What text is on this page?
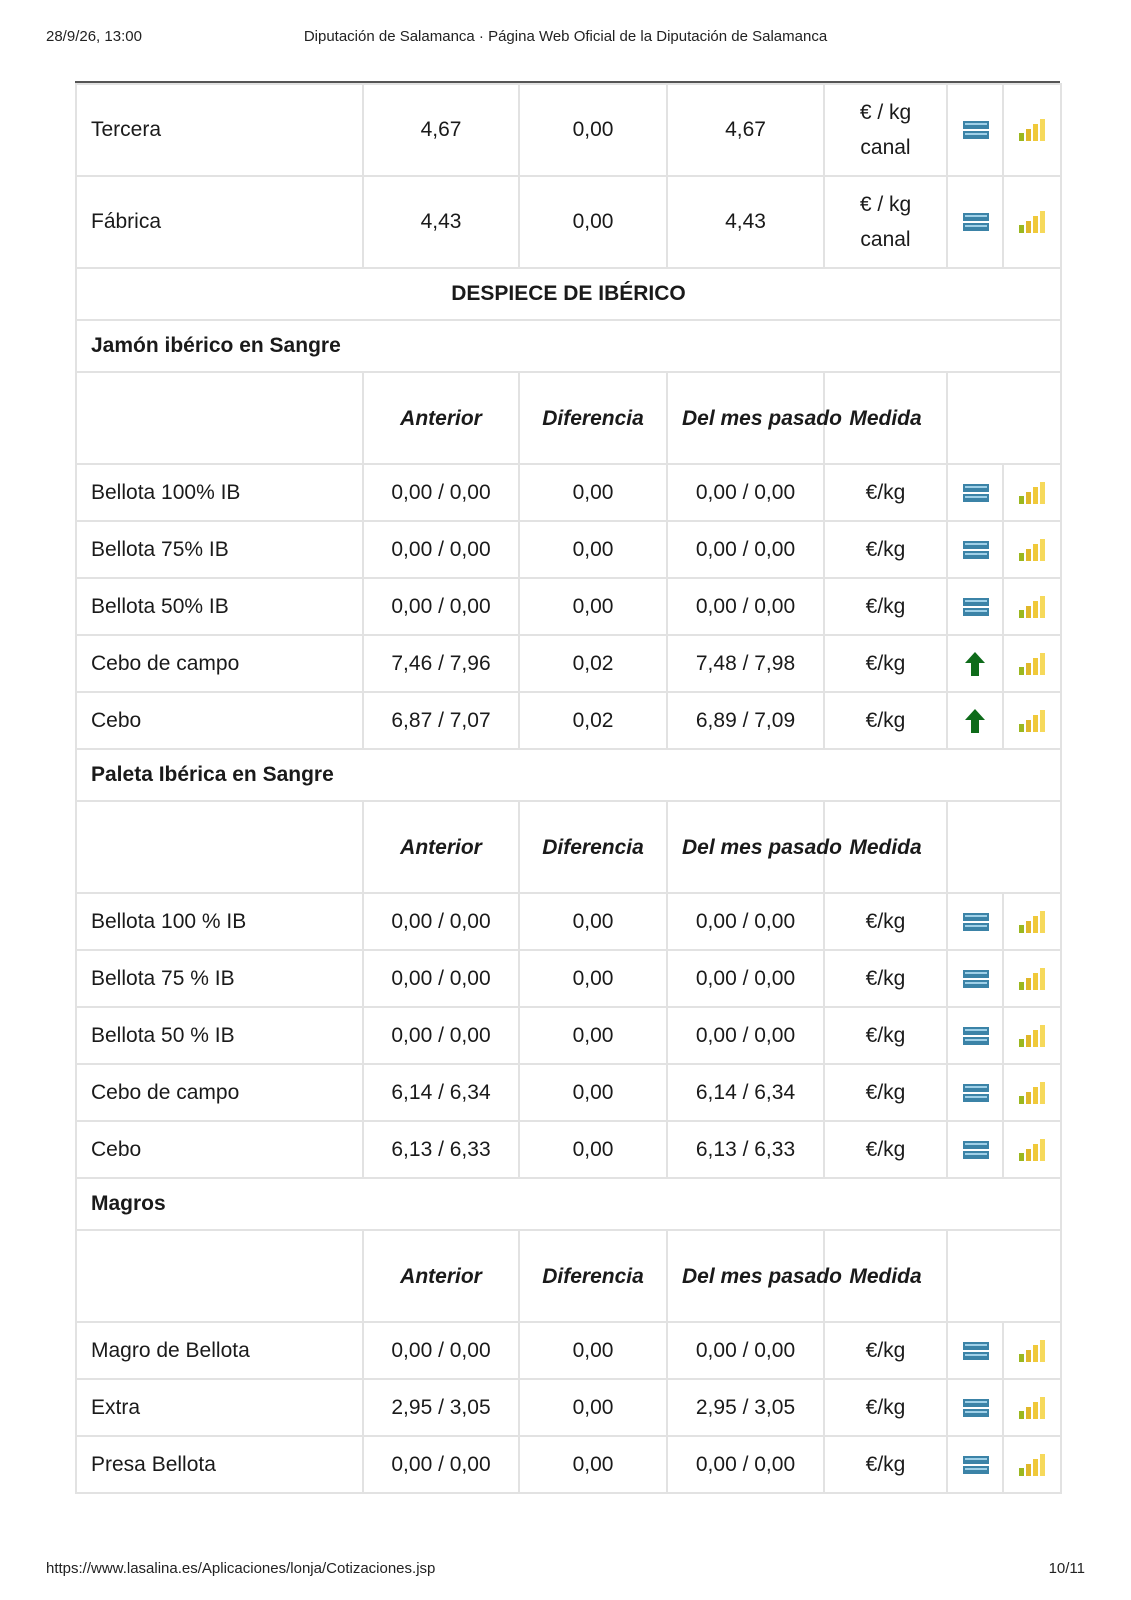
28/9/26, 13:00	Diputación de Salamanca · Página Web Oficial de la Diputación de Salamanca
Tercera	4,67	0,00	4,67	€ / kg
canal

Fábrica	4,43	0,00	4,43	€ / kg
canal

DESPIECE DE IBÉRICO						
Jamón ibérico en Sangre						
	Anterior	Diferencia	Del mes pasado	Medida		
Bellota 100% IB	0,00 / 0,00	0,00	0,00 / 0,00	€/kg	

Bellota 75% IB	0,00 / 0,00	0,00	0,00 / 0,00	€/kg	

Bellota 50% IB	0,00 / 0,00	0,00	0,00 / 0,00	€/kg	

Cebo de campo	7,46 / 7,96	0,02	7,48 / 7,98	€/kg	

Cebo	6,87 / 7,07	0,02	6,89 / 7,09	€/kg	

Paleta Ibérica en Sangre						
	Anterior	Diferencia	Del mes pasado	Medida		
Bellota 100 % IB	0,00 / 0,00	0,00	0,00 / 0,00	€/kg	

Bellota 75 % IB	0,00 / 0,00	0,00	0,00 / 0,00	€/kg	

Bellota 50 % IB	0,00 / 0,00	0,00	0,00 / 0,00	€/kg	

Cebo de campo	6,14 / 6,34	0,00	6,14 / 6,34	€/kg	

Cebo	6,13 / 6,33	0,00	6,13 / 6,33	€/kg	

Magros						
	Anterior	Diferencia	Del mes pasado	Medida		
Magro de Bellota	0,00 / 0,00	0,00	0,00 / 0,00	€/kg	

Extra	2,95 / 3,05	0,00	2,95 / 3,05	€/kg	

Presa Bellota	0,00 / 0,00	0,00	0,00 / 0,00	€/kg	

https://www.lasalina.es/Aplicaciones/lonja/Cotizaciones.jsp	10/11
